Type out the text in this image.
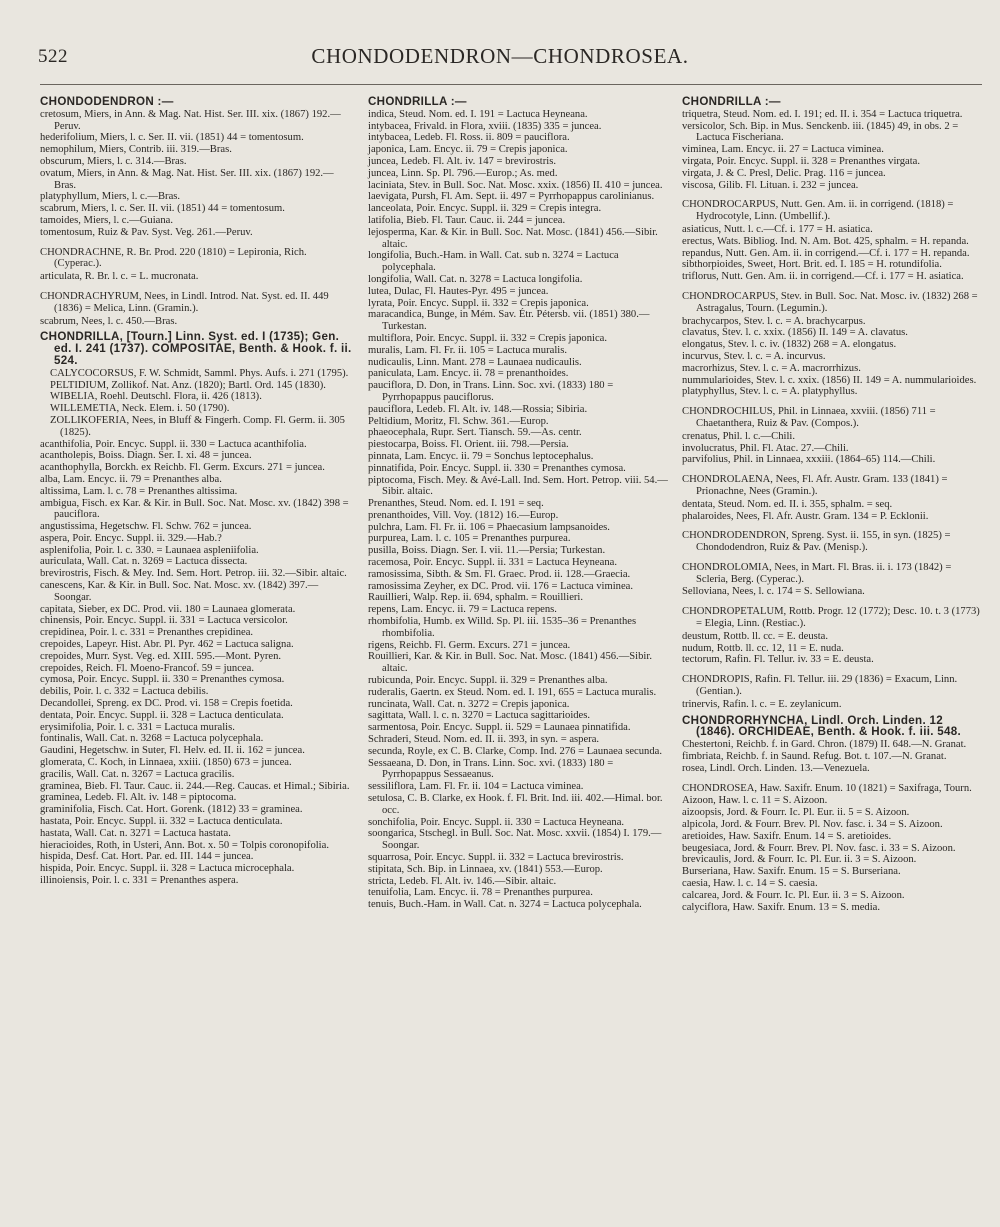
522	CHONDODENDRON—CHONDROSEA.

CHONDODENDRON :—

cretosum, Miers, in Ann. & Mag. Nat. Hist. Ser. III. xix. (1867) 192.—Peruv.

hederifolium, Miers, l. c. Ser. II. vii. (1851) 44 = tomentosum.

nemophilum, Miers, Contrib. iii. 319.—Bras.

obscurum, Miers, l. c. 314.—Bras.

ovatum, Miers, in Ann. & Mag. Nat. Hist. Ser. III. xix. (1867) 192.—Bras.

platyphyllum, Miers, l. c.—Bras.

scabrum, Miers, l. c. Ser. II. vii. (1851) 44 = tomentosum.

tamoides, Miers, l. c.—Guiana.

tomentosum, Ruiz & Pav. Syst. Veg. 261.—Peruv.

CHONDRACHNE, R. Br. Prod. 220 (1810) = Lepironia, Rich. (Cyperac.).

articulata, R. Br. l. c. = L. mucronata.

CHONDRACHYRUM, Nees, in Lindl. Introd. Nat. Syst. ed. II. 449 (1836) = Melica, Linn. (Gramin.).

scabrum, Nees, l. c. 450.—Bras.

CHONDRILLA, [Tourn.] Linn. Syst. ed. I (1735); Gen. ed. I. 241 (1737). COMPOSITAE, Benth. & Hook. f. ii. 524.

CALYCOCORSUS, F. W. Schmidt, Samml. Phys. Aufs. i. 271 (1795).

PELTIDIUM, Zollikof. Nat. Anz. (1820); Bartl. Ord. 145 (1830).

WIBELIA, Roehl. Deutschl. Flora, ii. 426 (1813).

WILLEMETIA, Neck. Elem. i. 50 (1790).

ZOLLIKOFERIA, Nees, in Bluff & Fingerh. Comp. Fl. Germ. ii. 305 (1825).

acanthifolia, Poir. Encyc. Suppl. ii. 330 = Lactuca acanthifolia.

acantholepis, Boiss. Diagn. Ser. I. xi. 48 = juncea.

acanthophylla, Borckh. ex Reichb. Fl. Germ. Excurs. 271 = juncea.

alba, Lam. Encyc. ii. 79 = Prenanthes alba.

altissima, Lam. l. c. 78 = Prenanthes altissima.

ambigua, Fisch. ex Kar. & Kir. in Bull. Soc. Nat. Mosc. xv. (1842) 398 = pauciflora.

angustissima, Hegetschw. Fl. Schw. 762 = juncea.

aspera, Poir. Encyc. Suppl. ii. 329.—Hab.?

asplenifolia, Poir. l. c. 330. = Launaea aspleniifolia.

auriculata, Wall. Cat. n. 3269 = Lactuca dissecta.

brevirostris, Fisch. & Mey. Ind. Sem. Hort. Petrop. iii. 32.—Sibir. altaic.

canescens, Kar. & Kir. in Bull. Soc. Nat. Mosc. xv. (1842) 397.—Soongar.

capitata, Sieber, ex DC. Prod. vii. 180 = Launaea glomerata.

chinensis, Poir. Encyc. Suppl. ii. 331 = Lactuca versicolor.

crepidinea, Poir. l. c. 331 = Prenanthes crepidinea.

crepoides, Lapeyr. Hist. Abr. Pl. Pyr. 462 = Lactuca saligna.

crepoides, Murr. Syst. Veg. ed. XIII. 595.—Mont. Pyren.

crepoides, Reich. Fl. Moeno-Francof. 59 = juncea.

cymosa, Poir. Encyc. Suppl. ii. 330 = Prenanthes cymosa.

debilis, Poir. l. c. 332 = Lactuca debilis.

Decandollei, Spreng. ex DC. Prod. vi. 158 = Crepis foetida.

dentata, Poir. Encyc. Suppl. ii. 328 = Lactuca denticulata.

erysimifolia, Poir. l. c. 331 = Lactuca muralis.

fontinalis, Wall. Cat. n. 3268 = Lactuca polycephala.

Gaudini, Hegetschw. in Suter, Fl. Helv. ed. II. ii. 162 = juncea.

glomerata, C. Koch, in Linnaea, xxiii. (1850) 673 = juncea.

gracilis, Wall. Cat. n. 3267 = Lactuca gracilis.

graminea, Bieb. Fl. Taur. Cauc. ii. 244.—Reg. Caucas. et Himal.; Sibiria.

graminea, Ledeb. Fl. Alt. iv. 148 = piptocoma.

graminifolia, Fisch. Cat. Hort. Gorenk. (1812) 33 = graminea.

hastata, Poir. Encyc. Suppl. ii. 332 = Lactuca denticulata.

hastata, Wall. Cat. n. 3271 = Lactuca hastata.

hieracioides, Roth, in Usteri, Ann. Bot. x. 50 = Tolpis coronopifolia.

hispida, Desf. Cat. Hort. Par. ed. III. 144 = juncea.

hispida, Poir. Encyc. Suppl. ii. 328 = Lactuca microcephala.

illinoiensis, Poir. l. c. 331 = Prenanthes aspera.

CHONDRILLA :—

indica, Steud. Nom. ed. I. 191 = Lactuca Heyneana.

intybacea, Frivald. in Flora, xviii. (1835) 335 = juncea.

intybacea, Ledeb. Fl. Ross. ii. 809 = pauciflora.

japonica, Lam. Encyc. ii. 79 = Crepis japonica.

juncea, Ledeb. Fl. Alt. iv. 147 = brevirostris.

juncea, Linn. Sp. Pl. 796.—Europ.; As. med.

laciniata, Stev. in Bull. Soc. Nat. Mosc. xxix. (1856) II. 410 = juncea.

laevigata, Pursh, Fl. Am. Sept. ii. 497 = Pyrrhopappus carolinianus.

lanceolata, Poir. Encyc. Suppl. ii. 329 = Crepis integra.

latifolia, Bieb. Fl. Taur. Cauc. ii. 244 = juncea.

lejosperma, Kar. & Kir. in Bull. Soc. Nat. Mosc. (1841) 456.—Sibir. altaic.

longifolia, Buch.-Ham. in Wall. Cat. sub n. 3274 = Lactuca polycephala.

longifolia, Wall. Cat. n. 3278 = Lactuca longifolia.

lutea, Dulac, Fl. Hautes-Pyr. 495 = juncea.

lyrata, Poir. Encyc. Suppl. ii. 332 = Crepis japonica.

maracandica, Bunge, in Mém. Sav. Étr. Pétersb. vii. (1851) 380.—Turkestan.

multiflora, Poir. Encyc. Suppl. ii. 332 = Crepis japonica.

muralis, Lam. Fl. Fr. ii. 105 = Lactuca muralis.

nudicaulis, Linn. Mant. 278 = Launaea nudicaulis.

paniculata, Lam. Encyc. ii. 78 = prenanthoides.

pauciflora, D. Don, in Trans. Linn. Soc. xvi. (1833) 180 = Pyrrhopappus pauciflorus.

pauciflora, Ledeb. Fl. Alt. iv. 148.—Rossia; Sibiria.

Peltidium, Moritz, Fl. Schw. 361.—Europ.

phaeocephala, Rupr. Sert. Tiansch. 59.—As. centr.

piestocarpa, Boiss. Fl. Orient. iii. 798.—Persia.

pinnata, Lam. Encyc. ii. 79 = Sonchus leptocephalus.

pinnatifida, Poir. Encyc. Suppl. ii. 330 = Prenanthes cymosa.

piptocoma, Fisch. Mey. & Avé-Lall. Ind. Sem. Hort. Petrop. viii. 54.—Sibir. altaic.

Prenanthes, Steud. Nom. ed. I. 191 = seq.

prenanthoides, Vill. Voy. (1812) 16.—Europ.

pulchra, Lam. Fl. Fr. ii. 106 = Phaecasium lampsanoides.

purpurea, Lam. l. c. 105 = Prenanthes purpurea.

pusilla, Boiss. Diagn. Ser. I. vii. 11.—Persia; Turkestan.

racemosa, Poir. Encyc. Suppl. ii. 331 = Lactuca Heyneana.

ramosissima, Sibth. & Sm. Fl. Graec. Prod. ii. 128.—Graecia.

ramosissima Zeyher, ex DC. Prod. vii. 176 = Lactuca viminea.

Rauillieri, Walp. Rep. ii. 694, sphalm. = Rouillieri.

repens, Lam. Encyc. ii. 79 = Lactuca repens.

rhombifolia, Humb. ex Willd. Sp. Pl. iii. 1535–36 = Prenanthes rhombifolia.

rigens, Reichb. Fl. Germ. Excurs. 271 = juncea.

Rouillieri, Kar. & Kir. in Bull. Soc. Nat. Mosc. (1841) 456.—Sibir. altaic.

rubicunda, Poir. Encyc. Suppl. ii. 329 = Prenanthes alba.

ruderalis, Gaertn. ex Steud. Nom. ed. I. 191, 655 = Lactuca muralis.

runcinata, Wall. Cat. n. 3272 = Crepis japonica.

sagittata, Wall. l. c. n. 3270 = Lactuca sagittarioides.

sarmentosa, Poir. Encyc. Suppl. ii. 529 = Launaea pinnatifida.

Schraderi, Steud. Nom. ed. II. ii. 393, in syn. = aspera.

secunda, Royle, ex C. B. Clarke, Comp. Ind. 276 = Launaea secunda.

Sessaeana, D. Don, in Trans. Linn. Soc. xvi. (1833) 180 = Pyrrhopappus Sessaeanus.

sessiliflora, Lam. Fl. Fr. ii. 104 = Lactuca viminea.

setulosa, C. B. Clarke, ex Hook. f. Fl. Brit. Ind. iii. 402.—Himal. bor. occ.

sonchifolia, Poir. Encyc. Suppl. ii. 330 = Lactuca Heyneana.

soongarica, Stschegl. in Bull. Soc. Nat. Mosc. xxvii. (1854) I. 179.—Soongar.

squarrosa, Poir. Encyc. Suppl. ii. 332 = Lactuca brevirostris.

stipitata, Sch. Bip. in Linnaea, xv. (1841) 553.—Europ.

stricta, Ledeb. Fl. Alt. iv. 146.—Sibir. altaic.

tenuifolia, Lam. Encyc. ii. 78 = Prenanthes purpurea.

tenuis, Buch.-Ham. in Wall. Cat. n. 3274 = Lactuca polycephala.

CHONDRILLA :—

triquetra, Steud. Nom. ed. I. 191; ed. II. i. 354 = Lactuca triquetra.

versicolor, Sch. Bip. in Mus. Senckenb. iii. (1845) 49, in obs. 2 = Lactuca Fischeriana.

viminea, Lam. Encyc. ii. 27 = Lactuca viminea.

virgata, Poir. Encyc. Suppl. ii. 328 = Prenanthes virgata.

virgata, J. & C. Presl, Delic. Prag. 116 = juncea.

viscosa, Gilib. Fl. Lituan. i. 232 = juncea.

CHONDROCARPUS, Nutt. Gen. Am. ii. in corrigend. (1818) = Hydrocotyle, Linn. (Umbellif.).

asiaticus, Nutt. l. c.—Cf. i. 177 = H. asiatica.

erectus, Wats. Bibliog. Ind. N. Am. Bot. 425, sphalm. = H. repanda.

repandus, Nutt. Gen. Am. ii. in corrigend.—Cf. i. 177 = H. repanda.

sibthorpioides, Sweet, Hort. Brit. ed. I. 185 = H. rotundifolia.

triflorus, Nutt. Gen. Am. ii. in corrigend.—Cf. i. 177 = H. asiatica.

CHONDROCARPUS, Stev. in Bull. Soc. Nat. Mosc. iv. (1832) 268 = Astragalus, Tourn. (Legumin.).

brachycarpos, Stev. l. c. = A. brachycarpus.

clavatus, Stev. l. c. xxix. (1856) II. 149 = A. clavatus.

elongatus, Stev. l. c. iv. (1832) 268 = A. elongatus.

incurvus, Stev. l. c. = A. incurvus.

macrorhizus, Stev. l. c. = A. macrorrhizus.

nummularioides, Stev. l. c. xxix. (1856) II. 149 = A. nummularioides.

platyphyllus, Stev. l. c. = A. platyphyllus.

CHONDROCHILUS, Phil. in Linnaea, xxviii. (1856) 711 = Chaetanthera, Ruiz & Pav. (Compos.).

crenatus, Phil. l. c.—Chili.

involucratus, Phil. Fl. Atac. 27.—Chili.

parvifolius, Phil. in Linnaea, xxxiii. (1864–65) 114.—Chili.

CHONDROLAENA, Nees, Fl. Afr. Austr. Gram. 133 (1841) = Prionachne, Nees (Gramin.).

dentata, Steud. Nom. ed. II. i. 355, sphalm. = seq.

phalaroides, Nees, Fl. Afr. Austr. Gram. 134 = P. Ecklonii.

CHONDRODENDRON, Spreng. Syst. ii. 155, in syn. (1825) = Chondodendron, Ruiz & Pav. (Menisp.).

CHONDROLOMIA, Nees, in Mart. Fl. Bras. ii. i. 173 (1842) = Scleria, Berg. (Cyperac.).

Selloviana, Nees, l. c. 174 = S. Sellowiana.

CHONDROPETALUM, Rottb. Progr. 12 (1772); Desc. 10. t. 3 (1773) = Elegia, Linn. (Restiac.).

deustum, Rottb. ll. cc. = E. deusta.

nudum, Rottb. ll. cc. 12, 11 = E. nuda.

tectorum, Rafin. Fl. Tellur. iv. 33 = E. deusta.

CHONDROPIS, Rafin. Fl. Tellur. iii. 29 (1836) = Exacum, Linn. (Gentian.).

trinervis, Rafin. l. c. = E. zeylanicum.

CHONDRORHYNCHA, Lindl. Orch. Linden. 12 (1846). ORCHIDEAE, Benth. & Hook. f. iii. 548.

Chestertoni, Reichb. f. in Gard. Chron. (1879) II. 648.—N. Granat.

fimbriata, Reichb. f. in Saund. Refug. Bot. t. 107.—N. Granat.

rosea, Lindl. Orch. Linden. 13.—Venezuela.

CHONDROSEA, Haw. Saxifr. Enum. 10 (1821) = Saxifraga, Tourn.

Aizoon, Haw. l. c. 11 = S. Aizoon.

aizoopsis, Jord. & Fourr. Ic. Pl. Eur. ii. 5 = S. Aizoon.

alpicola, Jord. & Fourr. Brev. Pl. Nov. fasc. i. 34 = S. Aizoon.

aretioides, Haw. Saxifr. Enum. 14 = S. aretioides.

beugesiaca, Jord. & Fourr. Brev. Pl. Nov. fasc. i. 33 = S. Aizoon.

brevicaulis, Jord. & Fourr. Ic. Pl. Eur. ii. 3 = S. Aizoon.

Burseriana, Haw. Saxifr. Enum. 15 = S. Burseriana.

caesia, Haw. l. c. 14 = S. caesia.

calcarea, Jord. & Fourr. Ic. Pl. Eur. ii. 3 = S. Aizoon.

calyciflora, Haw. Saxifr. Enum. 13 = S. media.
